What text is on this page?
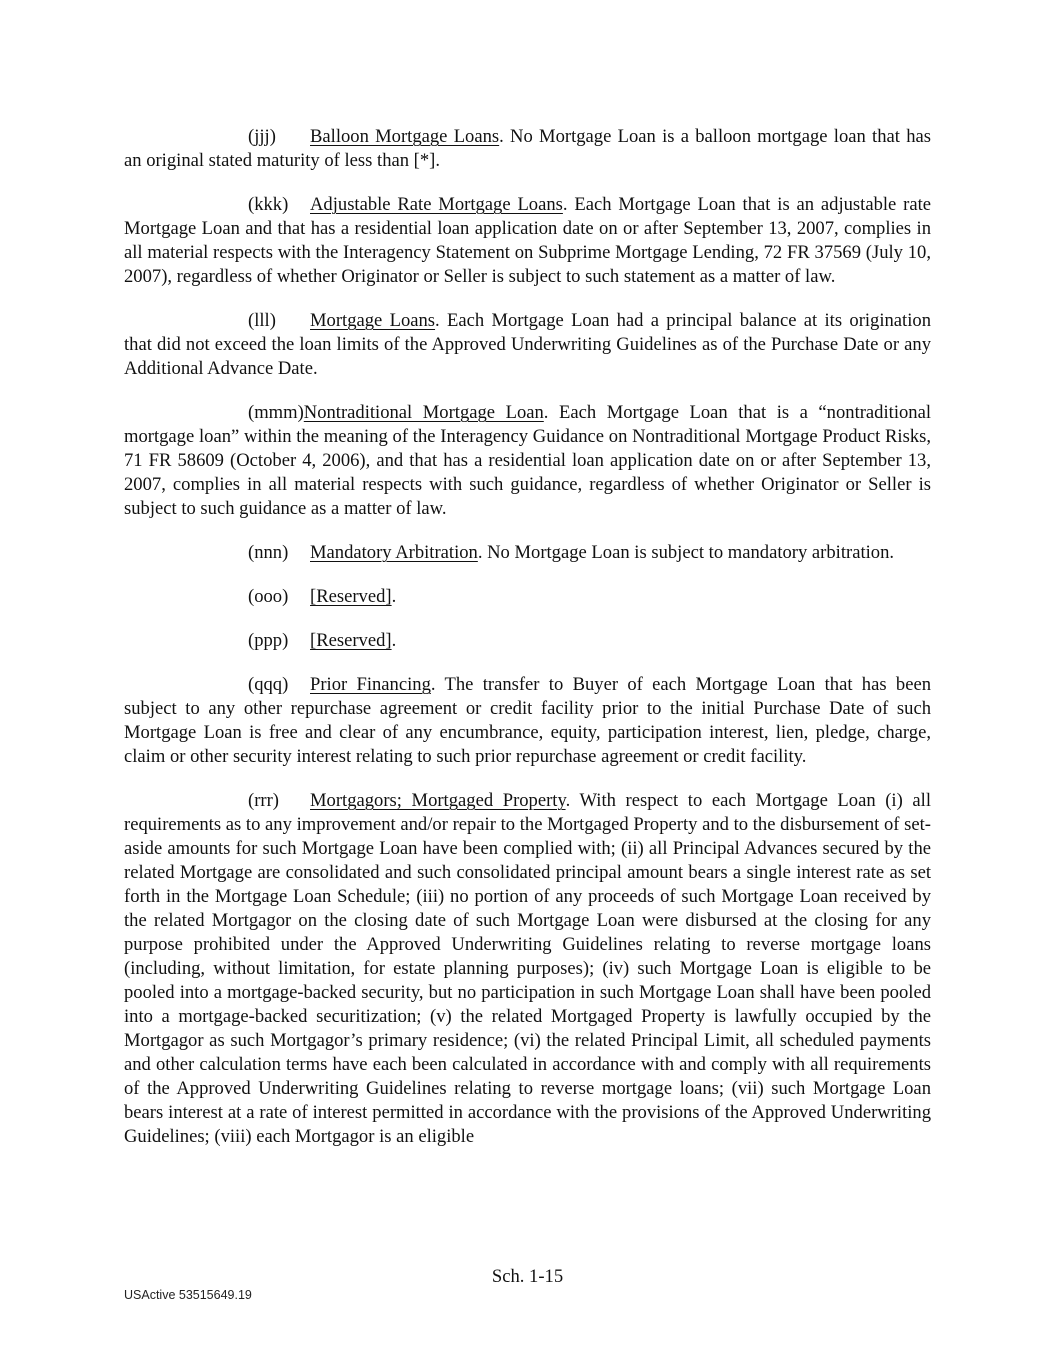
(jjj) Balloon Mortgage Loans. No Mortgage Loan is a balloon mortgage loan that has an original stated maturity of less than [*].

(kkk) Adjustable Rate Mortgage Loans. Each Mortgage Loan that is an adjustable rate Mortgage Loan and that has a residential loan application date on or after September 13, 2007, complies in all material respects with the Interagency Statement on Subprime Mortgage Lending, 72 FR 37569 (July 10, 2007), regardless of whether Originator or Seller is subject to such statement as a matter of law.

(lll) Mortgage Loans. Each Mortgage Loan had a principal balance at its origination that did not exceed the loan limits of the Approved Underwriting Guidelines as of the Purchase Date or any Additional Advance Date.

(mmm)Nontraditional Mortgage Loan. Each Mortgage Loan that is a “nontraditional mortgage loan” within the meaning of the Interagency Guidance on Nontraditional Mortgage Product Risks, 71 FR 58609 (October 4, 2006), and that has a residential loan application date on or after September 13, 2007, complies in all material respects with such guidance, regardless of whether Originator or Seller is subject to such guidance as a matter of law.

(nnn) Mandatory Arbitration. No Mortgage Loan is subject to mandatory arbitration.

(ooo) [Reserved].

(ppp) [Reserved].

(qqq) Prior Financing. The transfer to Buyer of each Mortgage Loan that has been subject to any other repurchase agreement or credit facility prior to the initial Purchase Date of such Mortgage Loan is free and clear of any encumbrance, equity, participation interest, lien, pledge, charge, claim or other security interest relating to such prior repurchase agreement or credit facility.

(rrr) Mortgagors; Mortgaged Property. With respect to each Mortgage Loan (i) all requirements as to any improvement and/or repair to the Mortgaged Property and to the disbursement of set-aside amounts for such Mortgage Loan have been complied with; (ii) all Principal Advances secured by the related Mortgage are consolidated and such consolidated principal amount bears a single interest rate as set forth in the Mortgage Loan Schedule; (iii) no portion of any proceeds of such Mortgage Loan received by the related Mortgagor on the closing date of such Mortgage Loan were disbursed at the closing for any purpose prohibited under the Approved Underwriting Guidelines relating to reverse mortgage loans (including, without limitation, for estate planning purposes); (iv) such Mortgage Loan is eligible to be pooled into a mortgage-backed security, but no participation in such Mortgage Loan shall have been pooled into a mortgage-backed securitization; (v) the related Mortgaged Property is lawfully occupied by the Mortgagor as such Mortgagor’s primary residence; (vi) the related Principal Limit, all scheduled payments and other calculation terms have each been calculated in accordance with and comply with all requirements of the Approved Underwriting Guidelines relating to reverse mortgage loans; (vii) such Mortgage Loan bears interest at a rate of interest permitted in accordance with the provisions of the Approved Underwriting Guidelines; (viii) each Mortgagor is an eligible

Sch. 1-15
USActive 53515649.19
